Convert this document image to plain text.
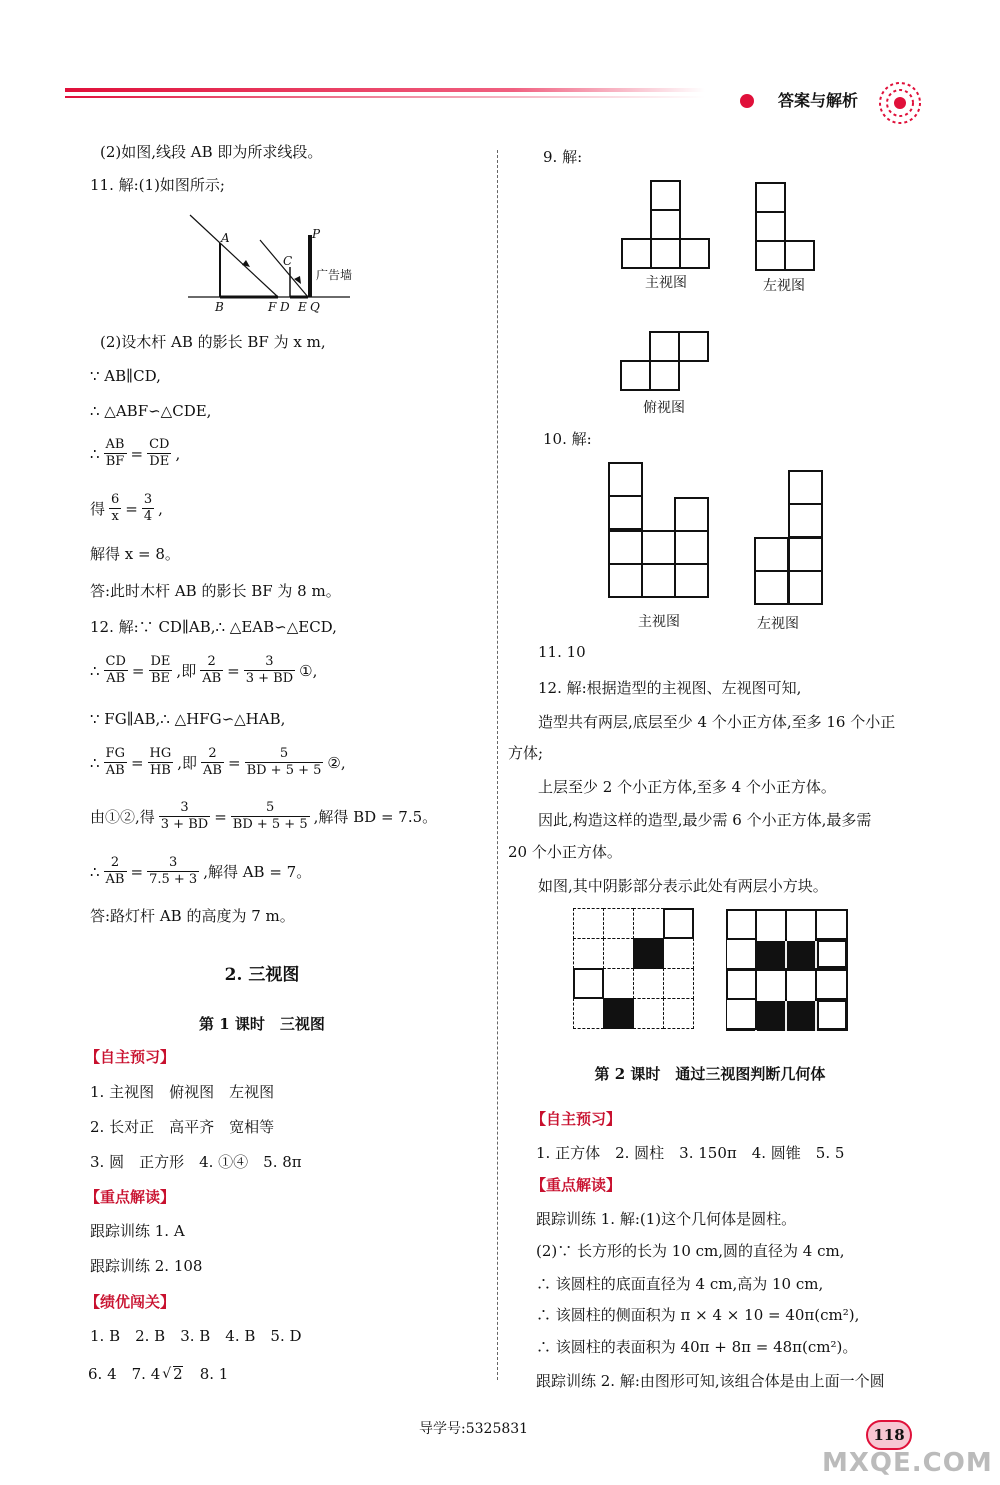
答案与解析
(2)如图,线段 AB 即为所求线段。
11. 解:(1)如图所示;
A
C
P
广告墙
B	F D E Q
(2)设木杆 AB 的影长 BF 为 x m,
∵ AB∥CD,
∴ △ABF∽△CDE,
∴ $\frac{AB}{BF} = \frac{CD}{DE}$ ,
得 $\frac{6}{x} = \frac{3}{4}$ ,
解得 x = 8。
答:此时木杆 AB 的影长 BF 为 8 m。
12. 解:∵ CD∥AB,∴ △EAB∽△ECD,
∴ $\frac{CD}{AB} = \frac{DE}{BE}$ ,即 $\frac{2}{AB} = \frac{3}{3 + BD}$ ①,
∵ FG∥AB,∴ △HFG∽△HAB,
∴ $\frac{FG}{AB} = \frac{HG}{HB}$ ,即 $\frac{2}{AB} = \frac{5}{BD + 5 + 5}$ ②,
由①②,得 $\frac{3}{3 + BD} = \frac{5}{BD + 5 + 5}$ ,解得 BD = 7.5。
∴ $\frac{2}{AB} = \frac{3}{7.5 + 3}$ ,解得 AB = 7。
答:路灯杆 AB 的高度为 7 m。
2. 三视图
第 1 课时　三视图
【自主预习】
1. 主视图　俯视图　左视图
2. 长对正　高平齐　宽相等
3. 圆　正方形　4. ①④　5. 8π
【重点解读】
跟踪训练 1. A
跟踪训练 2. 108
【绩优闯关】
1. B　2. B　3. B　4. B　5. D
6. 4　7. 4 √ 2 　8. 1
9. 解:
主视图	左视图
俯视图
10. 解:
主视图	左视图
11. 10
12. 解:根据造型的主视图、左视图可知,
造型共有两层,底层至少 4 个小正方体,至多 16 个小正
方体;
上层至少 2 个小正方体,至多 4 个小正方体。
因此,构造这样的造型,最少需 6 个小正方体,最多需
20 个小正方体。
如图,其中阴影部分表示此处有两层小方块。
第 2 课时　通过三视图判断几何体
【自主预习】
1. 正方体　2. 圆柱　3. 150π　4. 圆锥　5. 5
【重点解读】
跟踪训练 1. 解:(1)这个几何体是圆柱。
(2)∵ 长方形的长为 10 cm,圆的直径为 4 cm,
∴ 该圆柱的底面直径为 4 cm,高为 10 cm,
∴ 该圆柱的侧面积为 π × 4 × 10 = 40π(cm²),
∴ 该圆柱的表面积为 40π + 8π = 48π(cm²)。
跟踪训练 2. 解:由图形可知,该组合体是由上面一个圆
导学号:5325831	118
MXQE.COM
